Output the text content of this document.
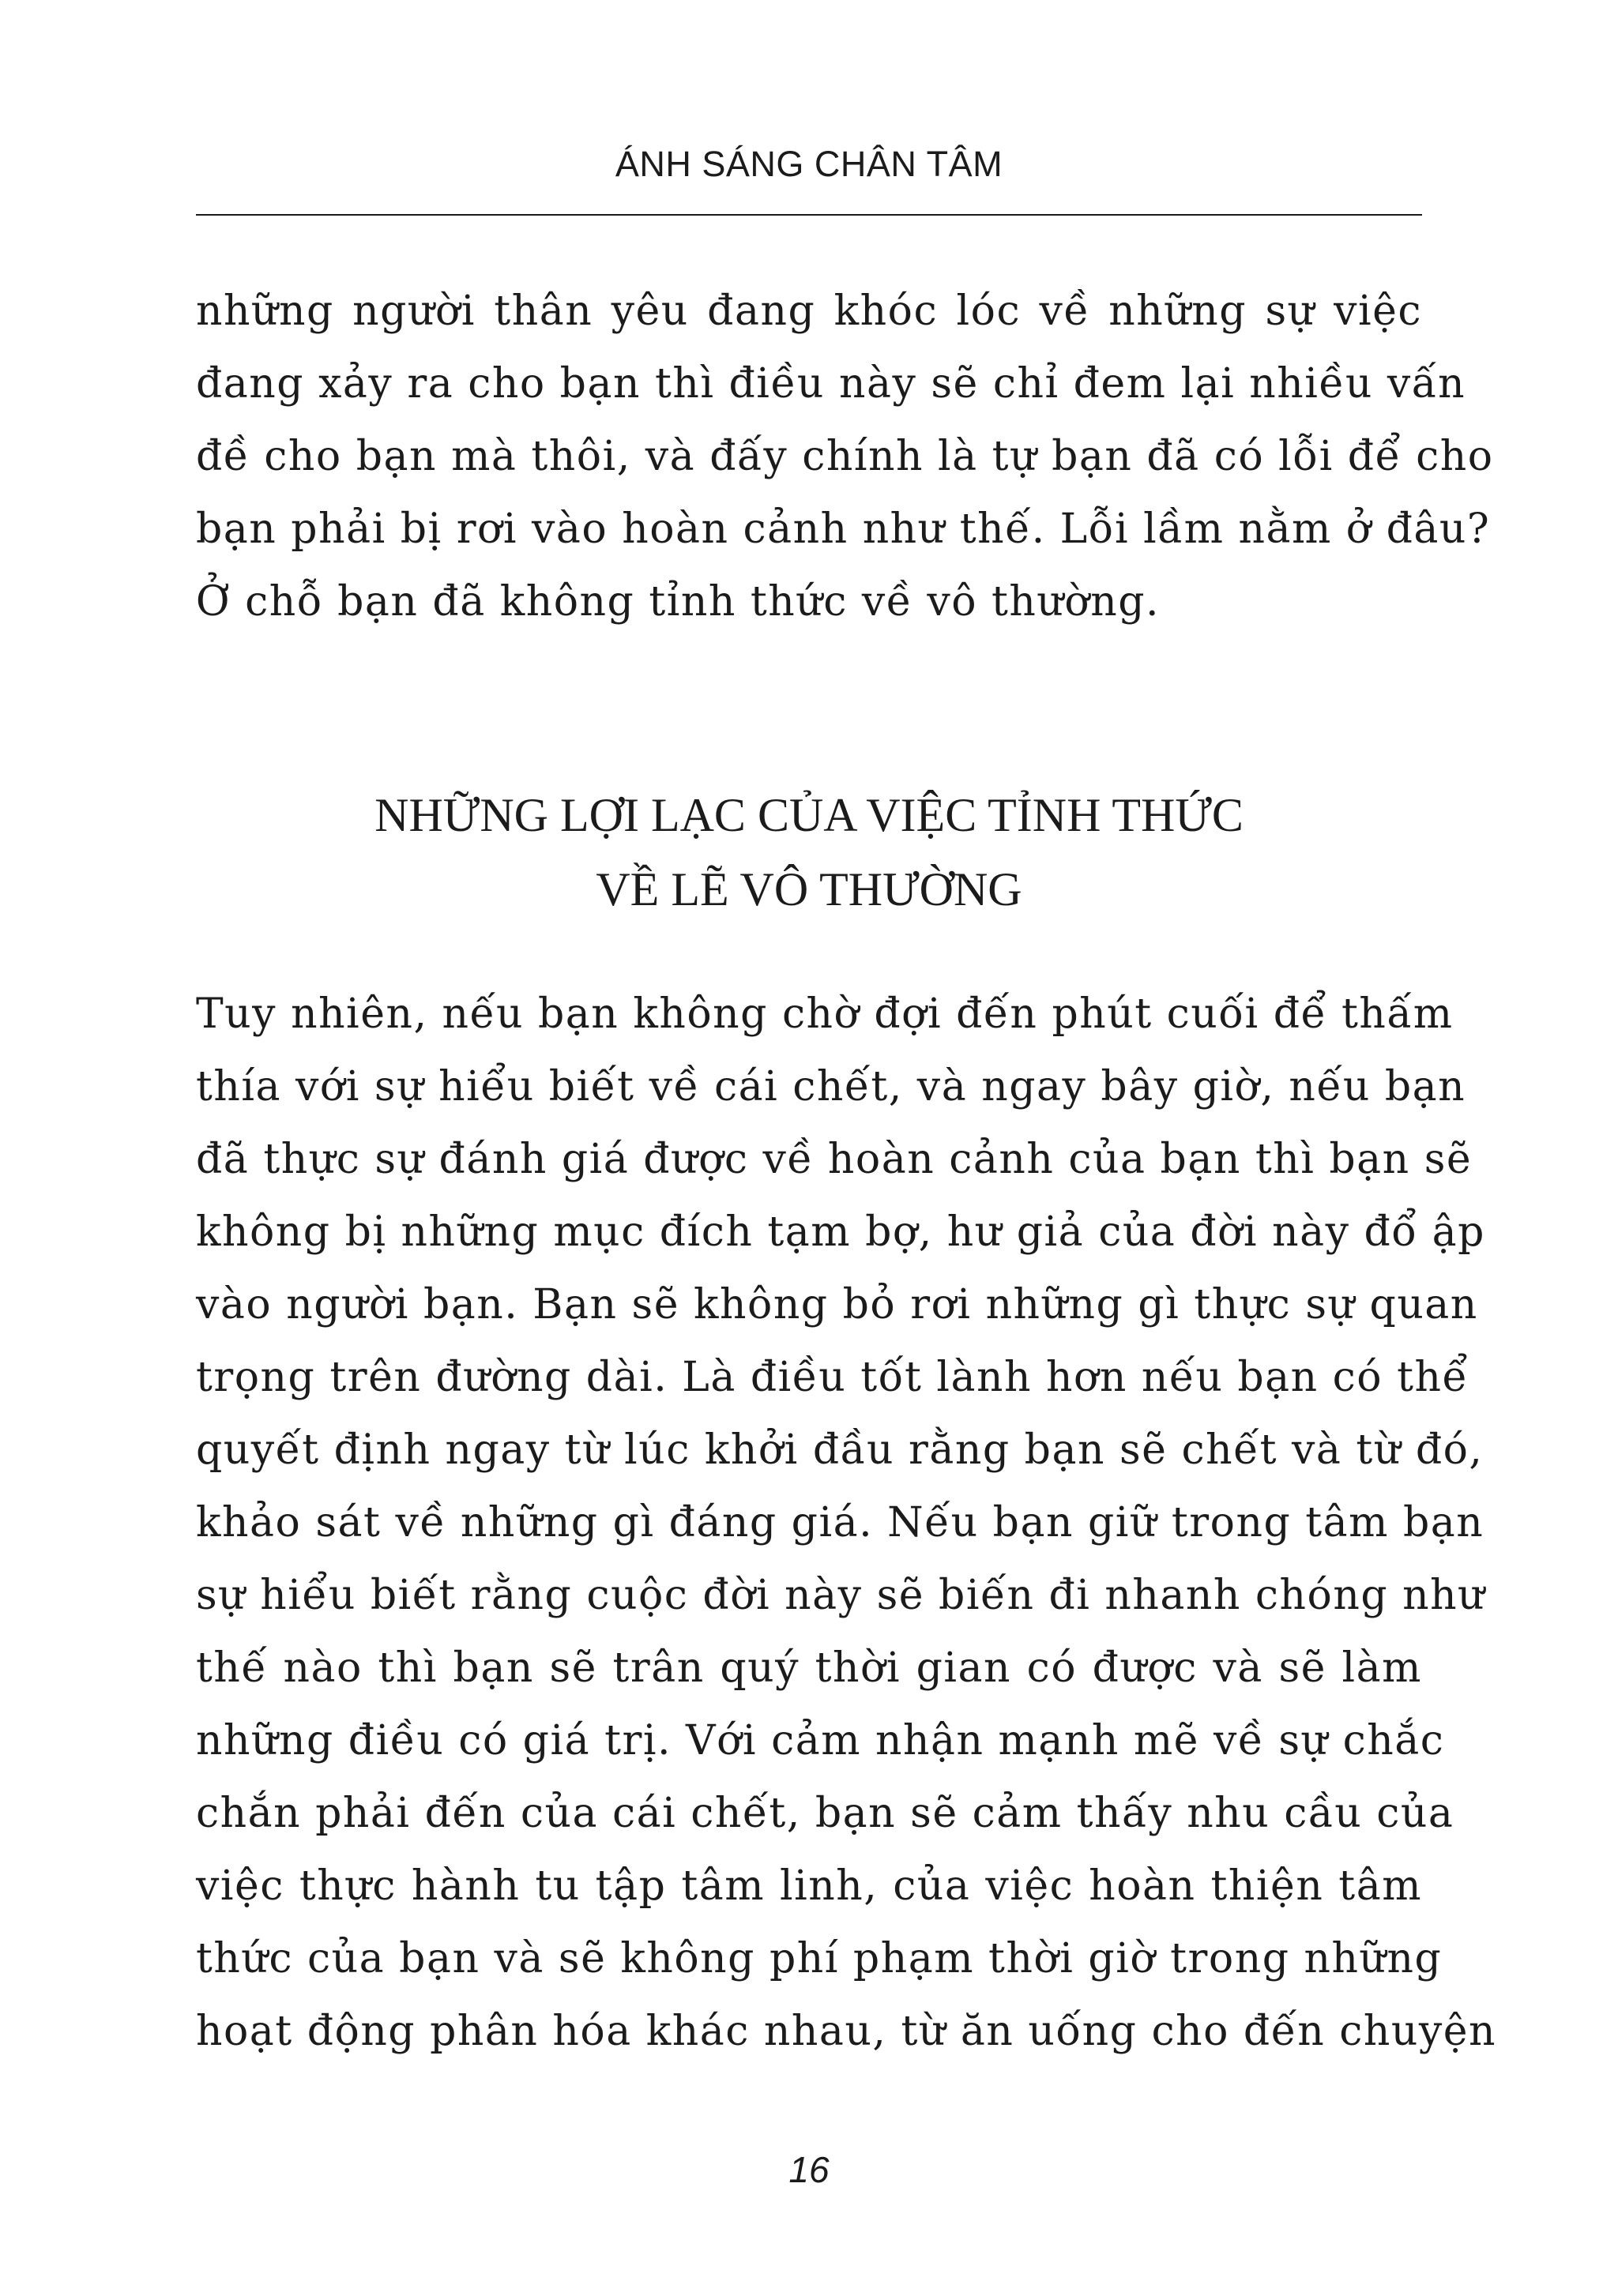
ÁNH SÁNG CHÂN TÂM
những người thân yêu đang khóc lóc về những sự việc
đang xảy ra cho bạn thì điều này sẽ chỉ đem lại nhiều vấn
đề cho bạn mà thôi, và đấy chính là tự bạn đã có lỗi để cho
bạn phải bị rơi vào hoàn cảnh như thế. Lỗi lầm nằm ở đâu?
Ở chỗ bạn đã không tỉnh thức về vô thường.
NHỮNG LỢI LẠC CỦA VIỆC TỈNH THỨC
VỀ LẼ VÔ THƯỜNG
Tuy nhiên, nếu bạn không chờ đợi đến phút cuối để thấm
thía với sự hiểu biết về cái chết, và ngay bây giờ, nếu bạn
đã thực sự đánh giá được về hoàn cảnh của bạn thì bạn sẽ
không bị những mục đích tạm bợ, hư giả của đời này đổ ập
vào người bạn. Bạn sẽ không bỏ rơi những gì thực sự quan
trọng trên đường dài. Là điều tốt lành hơn nếu bạn có thể
quyết định ngay từ lúc khởi đầu rằng bạn sẽ chết và từ đó,
khảo sát về những gì đáng giá. Nếu bạn giữ trong tâm bạn
sự hiểu biết rằng cuộc đời này sẽ biến đi nhanh chóng như
thế nào thì bạn sẽ trân quý thời gian có được và sẽ làm
những điều có giá trị. Với cảm nhận mạnh mẽ về sự chắc
chắn phải đến của cái chết, bạn sẽ cảm thấy nhu cầu của
việc thực hành tu tập tâm linh, của việc hoàn thiện tâm
thức của bạn và sẽ không phí phạm thời giờ trong những
hoạt động phân hóa khác nhau, từ ăn uống cho đến chuyện
16
